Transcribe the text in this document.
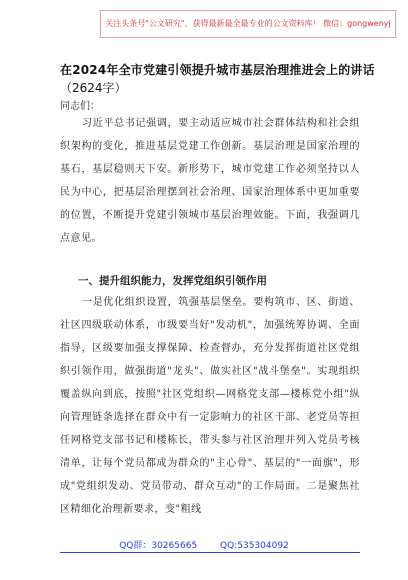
关注头条号"公文研究"，获得最新最全最专业的公文资料库！ 微信：gongwenyj
在2024年全市党建引领提升城市基层治理推进会上的讲话
（2624字）
同志们：

习近平总书记强调，要主动适应城市社会群体结构和社会组织架构的变化，推进基层党建工作创新。基层治理是国家治理的基石，基层稳则天下安。新形势下，城市党建工作必须坚持以人民为中心，把基层治理摆到社会治理、国家治理体系中更加重要的位置，不断提升党建引领城市基层治理效能。下面，我强调几点意见。

一、提升组织能力，发挥党组织引领作用

一是优化组织设置，筑强基层堡垒。要构筑市、区、街道、社区四级联动体系，市级要当好"发动机"，加强统筹协调、全面指导，区级要加强支撑保障、检查督办，充分发挥街道社区党组织引领作用，做强街道"龙头"、做实社区"战斗堡垒"。实现组织覆盖纵向到底，按照"社区党组织—网格党支部—楼栋党小组"纵向管理链条选择在群众中有一定影响力的社区干部、老党员等担任网格党支部书记和楼栋长，带头参与社区治理并列入党员考核清单，让每个党员都成为群众的"主心骨"、基层的"一面旗"，形成"党组织发动、党员带动、群众互动"的工作局面。二是聚焦社区精细化治理新要求，变"粗线

QQ群：30265665	QQ:535304092
